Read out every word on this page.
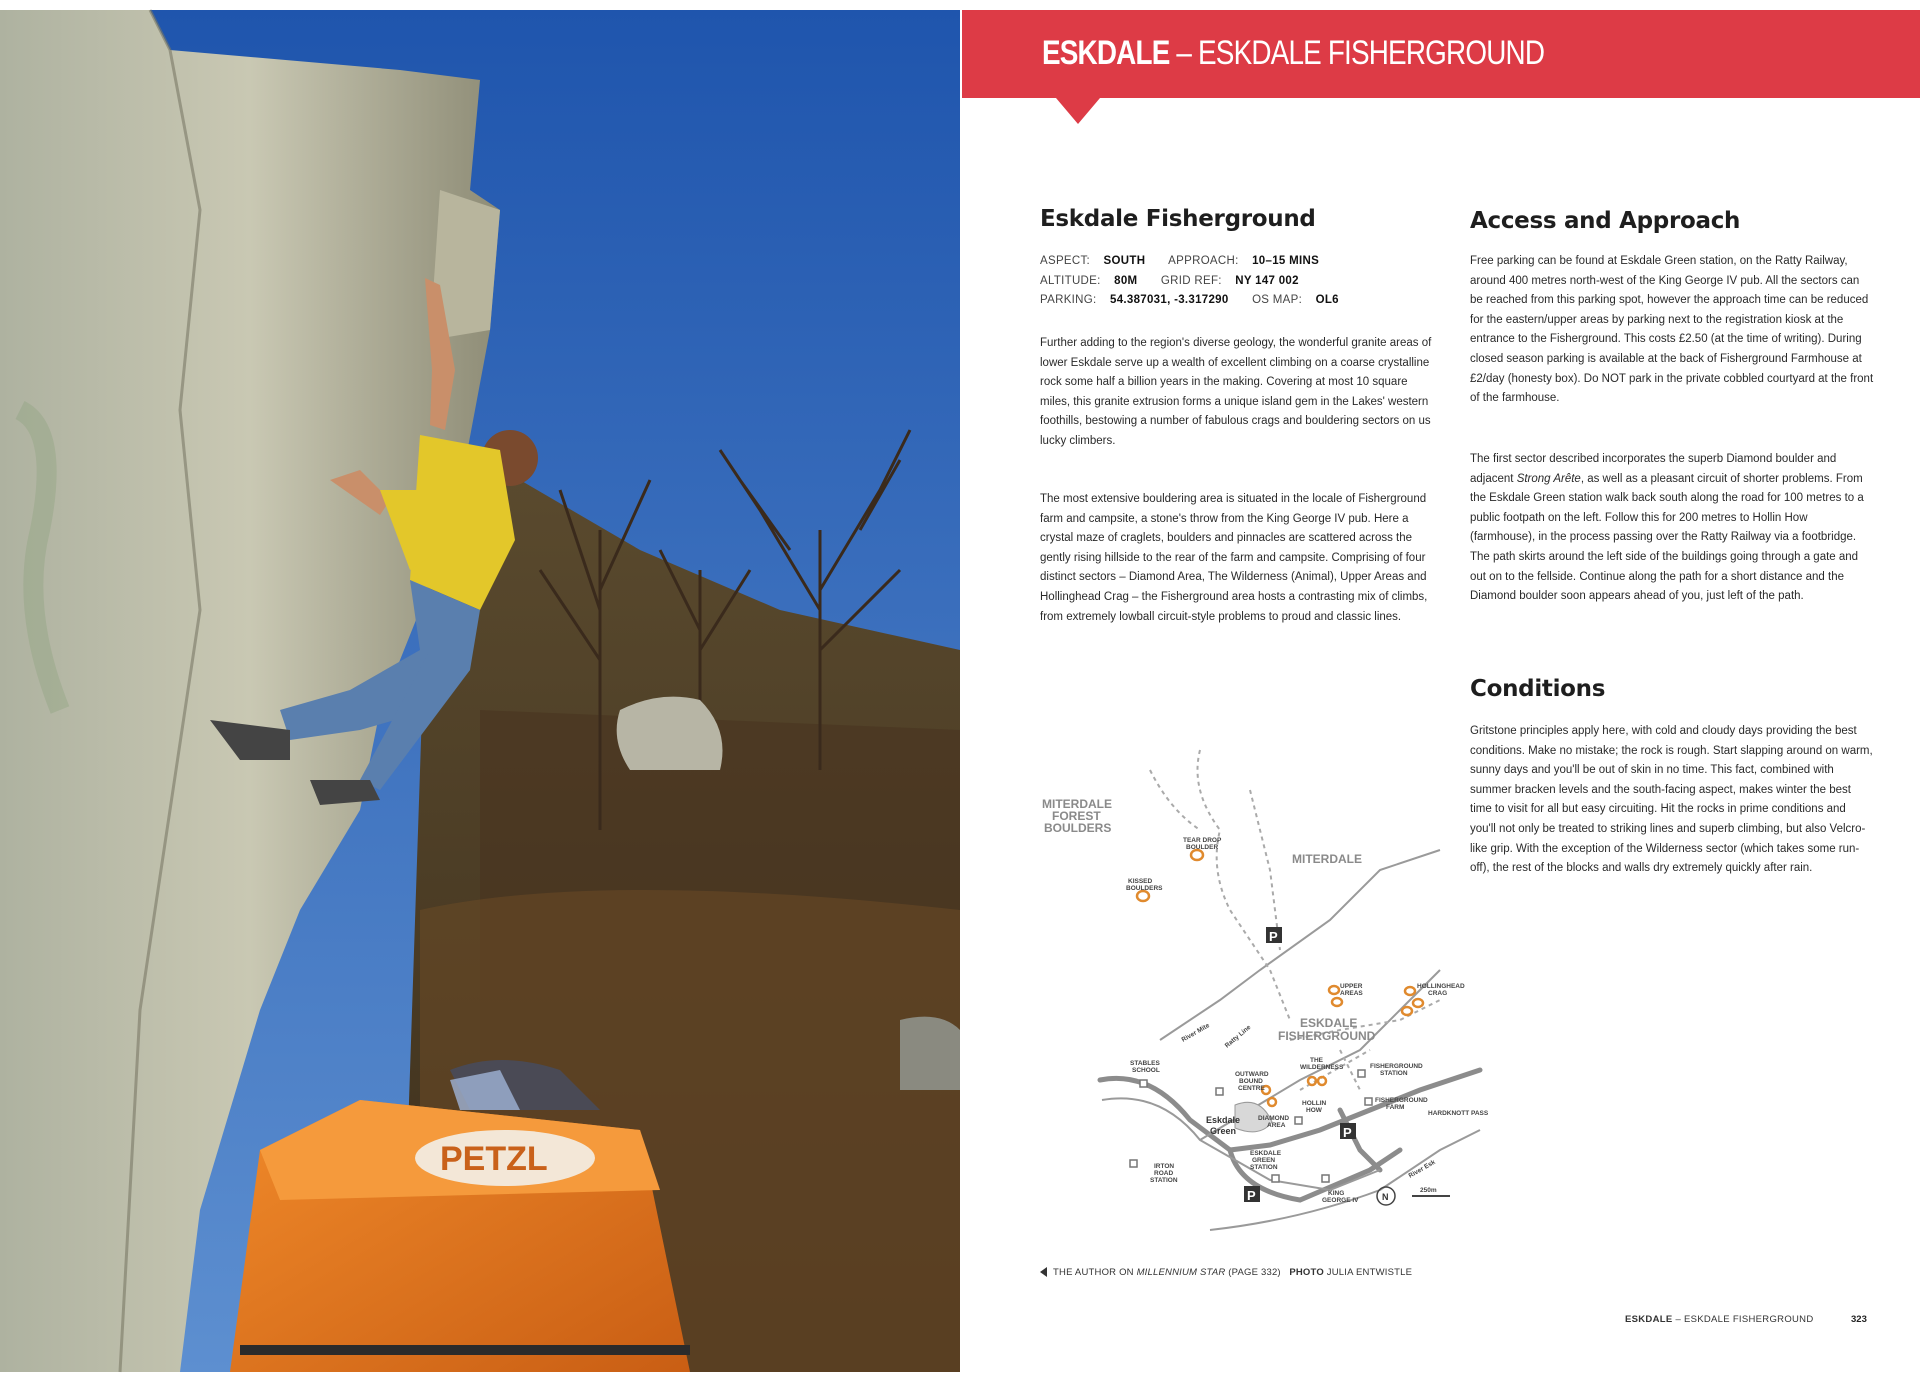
PETZL
ESKDALE – ESKDALE FISHERGROUND
Eskdale Fisherground
ASPECT: SOUTH APPROACH: 10–15 MINS
ALTITUDE: 80M GRID REF: NY 147 002
PARKING: 54.387031, -3.317290 OS MAP: OL6

Further adding to the region's diverse geology, the wonderful granite areas of lower Eskdale serve up a wealth of excellent climbing on a coarse crystalline rock some half a billion years in the making. Covering at most 10 square miles, this granite extrusion forms a unique island gem in the Lakes' western foothills, bestowing a number of fabulous crags and bouldering sectors on us lucky climbers.

The most extensive bouldering area is situated in the locale of Fisherground farm and campsite, a stone's throw from the King George IV pub. Here a crystal maze of craglets, boulders and pinnacles are scattered across the gently rising hillside to the rear of the farm and campsite. Comprising of four distinct sectors – Diamond Area, The Wilderness (Animal), Upper Areas and Hollinghead Crag – the Fisherground area hosts a contrasting mix of climbs, from extremely lowball circuit-style problems to proud and classic lines.

Access and Approach

Free parking can be found at Eskdale Green station, on the Ratty Railway, around 400 metres north-west of the King George IV pub. All the sectors can be reached from this parking spot, however the approach time can be reduced for the eastern/upper areas by parking next to the registration kiosk at the entrance to the Fisherground. This costs £2.50 (at the time of writing). During closed season parking is available at the back of Fisherground Farmhouse at £2/day (honesty box). Do NOT park in the private cobbled courtyard at the front of the farmhouse.

The first sector described incorporates the superb Diamond boulder and adjacent Strong Arête, as well as a pleasant circuit of shorter problems. From the Eskdale Green station walk back south along the road for 100 metres to a public footpath on the left. Follow this for 200 metres to Hollin How (farmhouse), in the process passing over the Ratty Railway via a footbridge. The path skirts around the left side of the buildings going through a gate and out on to the fellside. Continue along the path for a short distance and the Diamond boulder soon appears ahead of you, just left of the path.

Conditions

Gritstone principles apply here, with cold and cloudy days providing the best conditions. Make no mistake; the rock is rough. Start slapping around on warm, sunny days and you'll be out of skin in no time. This fact, combined with summer bracken levels and the south-facing aspect, makes winter the best time to visit for all but easy circuiting. Hit the rocks in prime conditions and you'll not only be treated to striking lines and superb climbing, but also Velcro-like grip. With the exception of the Wilderness sector (which takes some run-off), the rest of the blocks and walls dry extremely quickly after rain.

P
P
P
MITERDALE
FOREST
BOULDERS
MITERDALE
ESKDALE
FISHERGROUND
TEAR DROP
BOULDER
KISSED
BOULDERS
HOLLINGHEAD
CRAG
UPPER
AREAS
THE
WILDERNESS
OUTWARD
BOUND
CENTRE
STABLES
SCHOOL
DIAMOND
AREA
HOLLIN
HOW
FISHERGROUND
STATION
FISHERGROUND
FARM
ESKDALE
GREEN
STATION
IRTON
ROAD
STATION
KING
GEORGE IV
HARDKNOTT PASS
River Mite Ratty Line
River Esk
250m
Eskdale
Green
N
THE AUTHOR ON MILLENNIUM STAR (PAGE 332) PHOTO JULIA ENTWISTLE
ESKDALE – ESKDALE FISHERGROUND	323
